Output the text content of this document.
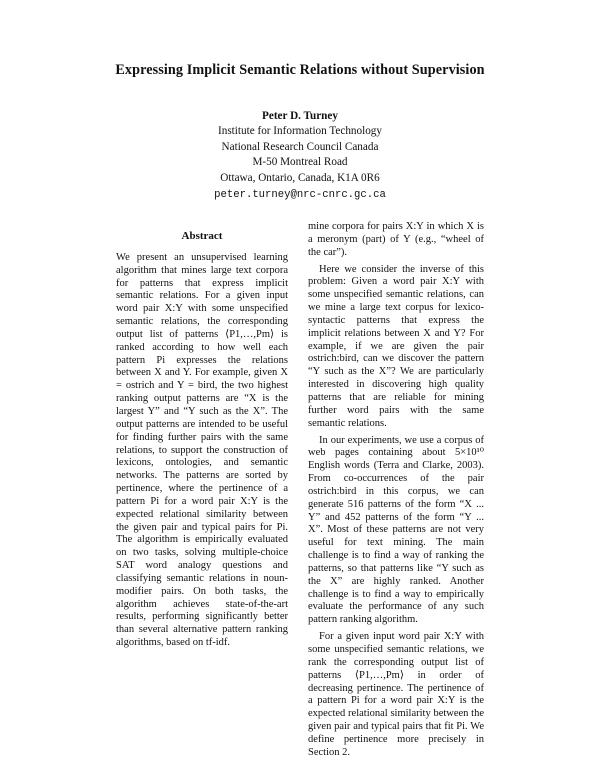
Expressing Implicit Semantic Relations without Supervision
Peter D. Turney
Institute for Information Technology
National Research Council Canada
M-50 Montreal Road
Ottawa, Ontario, Canada, K1A 0R6
peter.turney@nrc-cnrc.gc.ca
Abstract

We present an unsupervised learning algorithm that mines large text corpora for patterns that express implicit semantic relations. For a given input word pair X:Y with some unspecified semantic relations, the corresponding output list of patterns ⟨P1,…,Pm⟩ is ranked according to how well each pattern Pi expresses the relations between X and Y. For example, given X = ostrich and Y = bird, the two highest ranking output patterns are “X is the largest Y” and “Y such as the X”. The output patterns are intended to be useful for finding further pairs with the same relations, to support the construction of lexicons, ontologies, and semantic networks. The patterns are sorted by pertinence, where the pertinence of a pattern Pi for a word pair X:Y is the expected relational similarity between the given pair and typical pairs for Pi. The algorithm is empirically evaluated on two tasks, solving multiple-choice SAT word analogy questions and classifying semantic relations in noun-modifier pairs. On both tasks, the algorithm achieves state-of-the-art results, performing significantly better than several alternative pattern ranking algorithms, based on tf-idf.

mine corpora for pairs X:Y in which X is a meronym (part) of Y (e.g., “wheel of the car”).

Here we consider the inverse of this problem: Given a word pair X:Y with some unspecified semantic relations, can we mine a large text corpus for lexico-syntactic patterns that express the implicit relations between X and Y? For example, if we are given the pair ostrich:bird, can we discover the pattern “Y such as the X”? We are particularly interested in discovering high quality patterns that are reliable for mining further word pairs with the same semantic relations.

In our experiments, we use a corpus of web pages containing about 5×10¹⁰ English words (Terra and Clarke, 2003). From co-occurrences of the pair ostrich:bird in this corpus, we can generate 516 patterns of the form “X ... Y” and 452 patterns of the form “Y ... X”. Most of these patterns are not very useful for text mining. The main challenge is to find a way of ranking the patterns, so that patterns like “Y such as the X” are highly ranked. Another challenge is to find a way to empirically evaluate the performance of any such pattern ranking algorithm.

For a given input word pair X:Y with some unspecified semantic relations, we rank the corresponding output list of patterns ⟨P1,…,Pm⟩ in order of decreasing pertinence. The pertinence of a pattern Pi for a word pair X:Y is the expected relational similarity between the given pair and typical pairs that fit Pi. We define pertinence more precisely in Section 2.
